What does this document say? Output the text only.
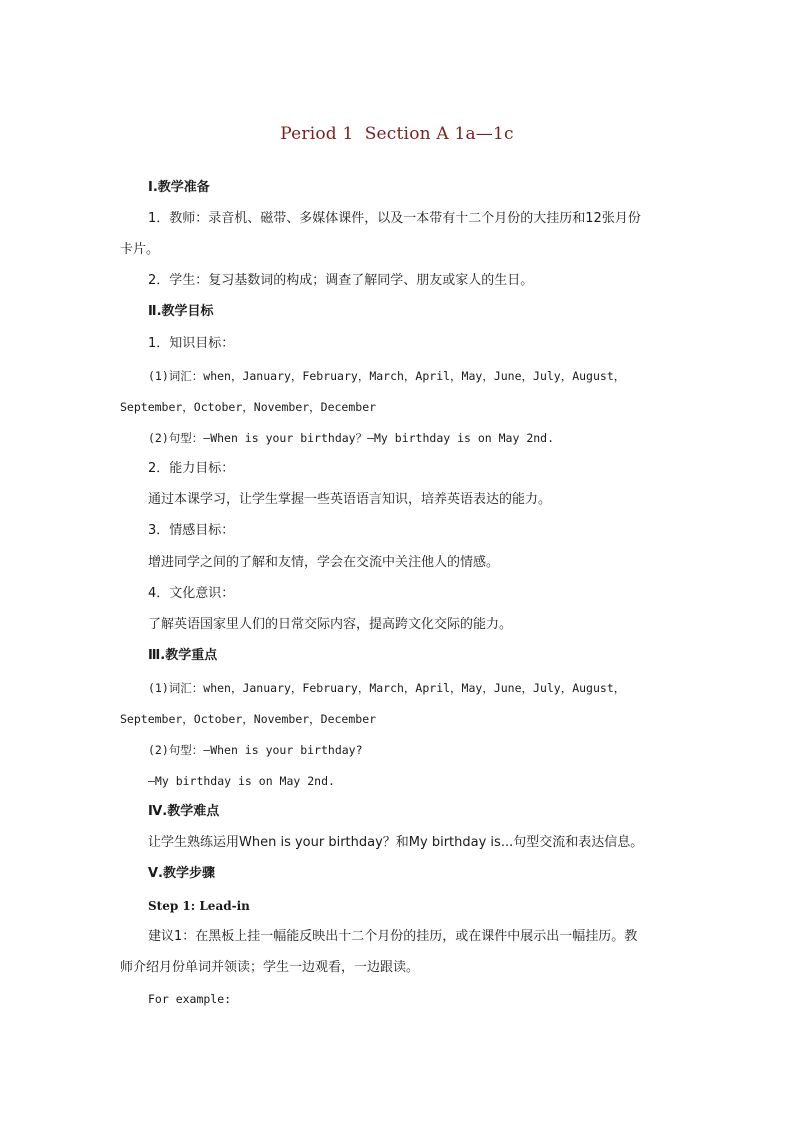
Period 1  Section A 1a—1c
Ⅰ.教学准备
1．教师：录音机、磁带、多媒体课件，以及一本带有十二个月份的大挂历和12张月份
卡片。
2．学生：复习基数词的构成；调查了解同学、朋友或家人的生日。
Ⅱ.教学目标
1．知识目标：
(1)词汇：when，January，February，March，April，May，June，July，August，
September，October，November，December
(2)句型：—When is your birthday？—My birthday is on May 2nd.
2．能力目标：
通过本课学习，让学生掌握一些英语语言知识，培养英语表达的能力。
3．情感目标：
增进同学之间的了解和友情，学会在交流中关注他人的情感。
4．文化意识：
了解英语国家里人们的日常交际内容，提高跨文化交际的能力。
Ⅲ.教学重点
(1)词汇：when，January，February，March，April，May，June，July，August，
September，October，November，December
(2)句型：—When is your birthday?
—My birthday is on May 2nd.
Ⅳ.教学难点
让学生熟练运用When is your birthday？和My birthday is...句型交流和表达信息。
Ⅴ.教学步骤
Step 1: Lead-in
建议1：在黑板上挂一幅能反映出十二个月份的挂历，或在课件中展示出一幅挂历。教
师介绍月份单词并领读；学生一边观看，一边跟读。
For example:
